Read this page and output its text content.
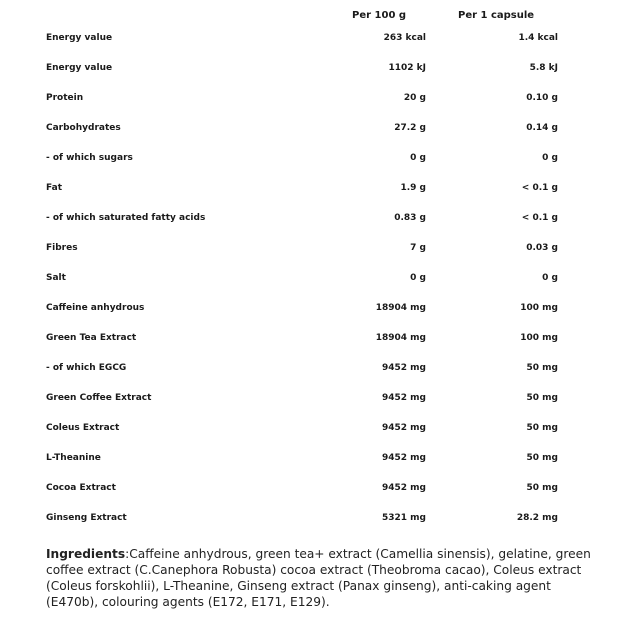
Per 100 g	Per 1 capsule
Energy value	263 kcal	1.4 kcal
Energy value	1102 kJ	5.8 kJ
Protein	20 g	0.10 g
Carbohydrates	27.2 g	0.14 g
- of which sugars	0 g	0 g
Fat	1.9 g	< 0.1 g
- of which saturated fatty acids	0.83 g	< 0.1 g
Fibres	7 g	0.03 g
Salt	0 g	0 g
Caffeine anhydrous	18904 mg	100 mg
Green Tea Extract	18904 mg	100 mg
- of which EGCG	9452 mg	50 mg
Green Coffee Extract	9452 mg	50 mg
Coleus Extract	9452 mg	50 mg
L-Theanine	9452 mg	50 mg
Cocoa Extract	9452 mg	50 mg
Ginseng Extract	5321 mg	28.2 mg
Ingredients:Caffeine anhydrous, green tea+ extract (Camellia sinensis), gelatine, green coffee extract (C.Canephora Robusta) cocoa extract (Theobroma cacao), Coleus extract (Coleus forskohlii), L-Theanine, Ginseng extract (Panax ginseng), anti-caking agent (E470b), colouring agents (E172, E171, E129).
